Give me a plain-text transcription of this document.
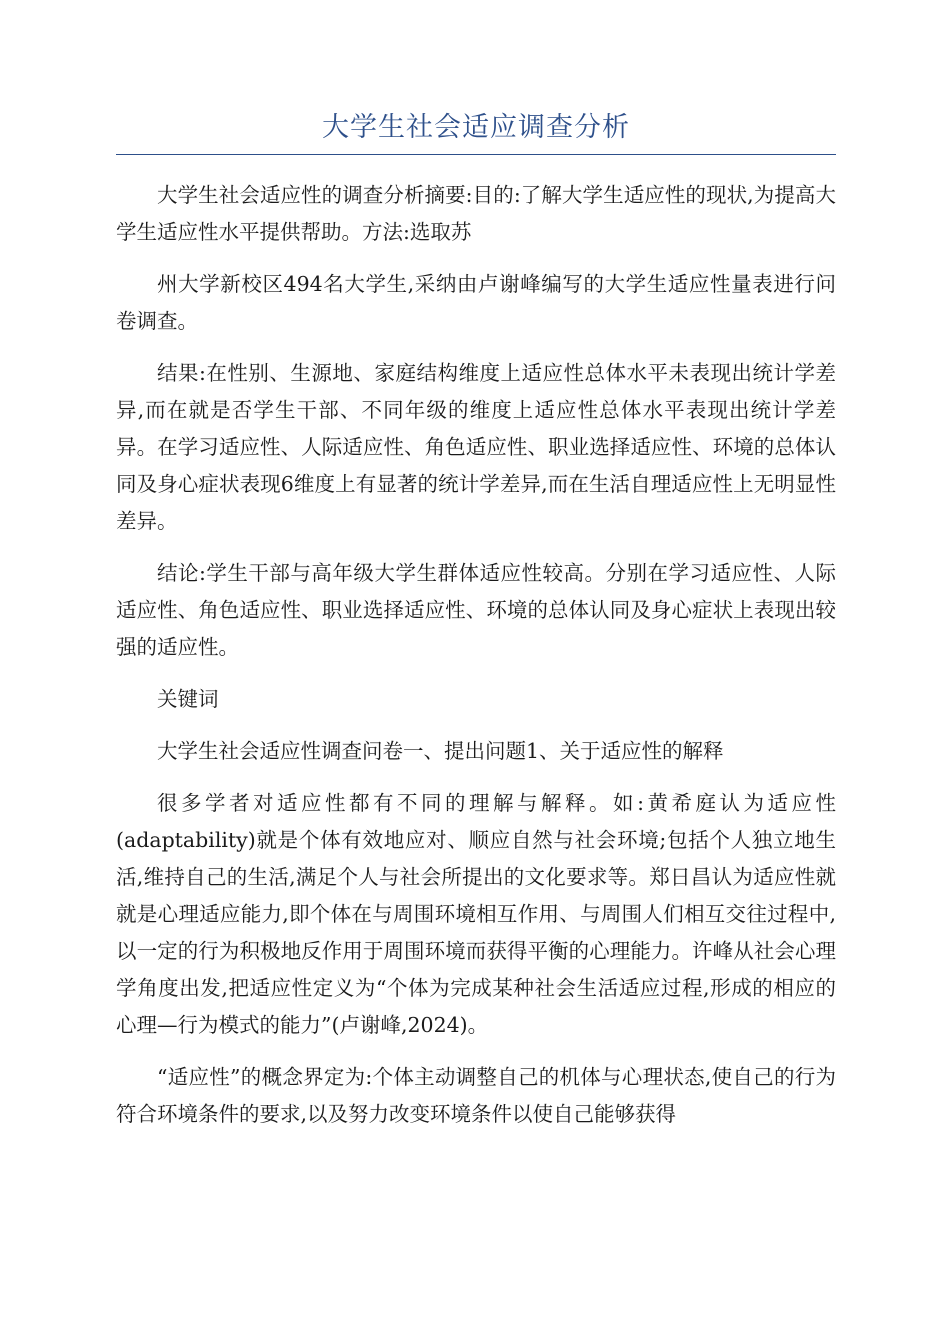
大学生社会适应调查分析

大学生社会适应性的调查分析摘要:目的:了解大学生适应性的现状,为提高大学生适应性水平提供帮助。方法:选取苏

州大学新校区494名大学生,采纳由卢谢峰编写的大学生适应性量表进行问卷调查。

结果:在性别、生源地、家庭结构维度上适应性总体水平未表现出统计学差异,而在就是否学生干部、不同年级的维度上适应性总体水平表现出统计学差异。在学习适应性、人际适应性、角色适应性、职业选择适应性、环境的总体认同及身心症状表现6维度上有显著的统计学差异,而在生活自理适应性上无明显性差异。

结论:学生干部与高年级大学生群体适应性较高。分别在学习适应性、人际适应性、角色适应性、职业选择适应性、环境的总体认同及身心症状上表现出较强的适应性。

关键词

大学生社会适应性调查问卷一、提出问题1、关于适应性的解释

很多学者对适应性都有不同的理解与解释。如:黄希庭认为适应性(adaptability)就是个体有效地应对、顺应自然与社会环境;包括个人独立地生活,维持自己的生活,满足个人与社会所提出的文化要求等。郑日昌认为适应性就就是心理适应能力,即个体在与周围环境相互作用、与周围人们相互交往过程中,以一定的行为积极地反作用于周围环境而获得平衡的心理能力。许峰从社会心理学角度出发,把适应性定义为“个体为完成某种社会生活适应过程,形成的相应的心理—行为模式的能力”(卢谢峰,2024)。

“适应性”的概念界定为:个体主动调整自己的机体与心理状态,使自己的行为符合环境条件的要求,以及努力改变环境条件以使自己能够获得
